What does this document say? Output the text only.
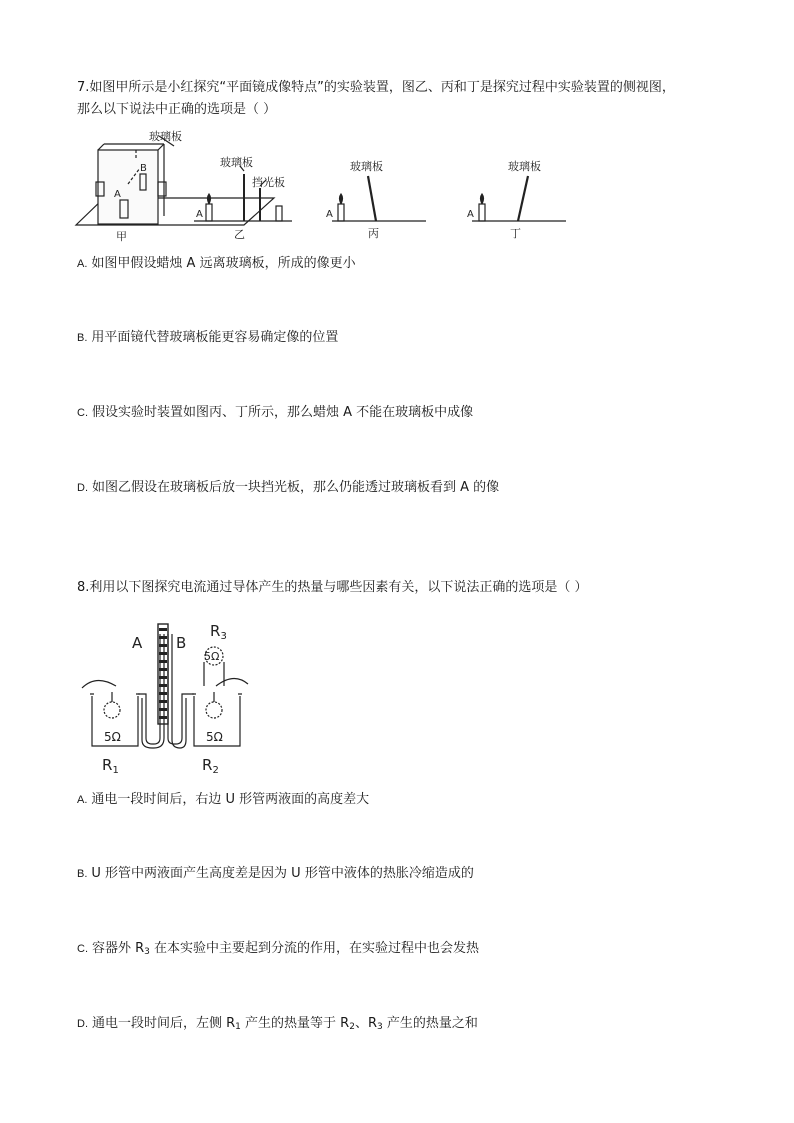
7.如图甲所示是小红探究“平面镜成像特点”的实验装置，图乙、丙和丁是探究过程中实验装置的侧视图，

那么以下说法中正确的选项是（ ）

玻璃板
A
B
甲
玻璃板
挡光板
A
乙
玻璃板
A
丙
玻璃板
A
丁

A. 如图甲假设蜡烛 A 远离玻璃板，所成的像更小

B. 用平面镜代替玻璃板能更容易确定像的位置

C. 假设实验时装置如图丙、丁所示，那么蜡烛 A 不能在玻璃板中成像

D. 如图乙假设在玻璃板后放一块挡光板，那么仍能透过玻璃板看到 A 的像

8.利用以下图探究电流通过导体产生的热量与哪些因素有关，以下说法正确的选项是（ ）

A B
$R_3$
5Ω
5Ω	5Ω
$R_1$	$R_2$

A. 通电一段时间后，右边 U 形管两液面的高度差大

B. U 形管中两液面产生高度差是因为 U 形管中液体的热胀冷缩造成的

C. 容器外 $R_3$ 在本实验中主要起到分流的作用，在实验过程中也会发热

D. 通电一段时间后，左侧 $R_1$ 产生的热量等于 $R_2$、$R_3$ 产生的热量之和
